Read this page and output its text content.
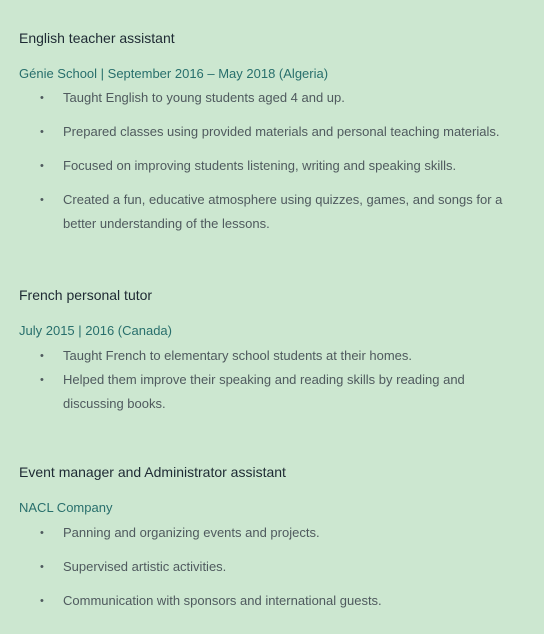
English teacher assistant

Génie School | September 2016 – May 2018 (Algeria)

•	Taught English to young students aged 4 and up.
•	Prepared classes using provided materials and personal teaching materials.
•	Focused on improving students listening, writing and speaking skills.
•	Created a fun, educative atmosphere using quizzes, games, and songs for a better understanding of the lessons.

French personal tutor

July 2015 | 2016 (Canada)

•	Taught French to elementary school students at their homes.
•	Helped them improve their speaking and reading skills by reading and discussing books.

Event manager and Administrator assistant

NACL Company

•	Panning and organizing events and projects.
•	Supervised artistic activities.
•	Communication with sponsors and international guests.
